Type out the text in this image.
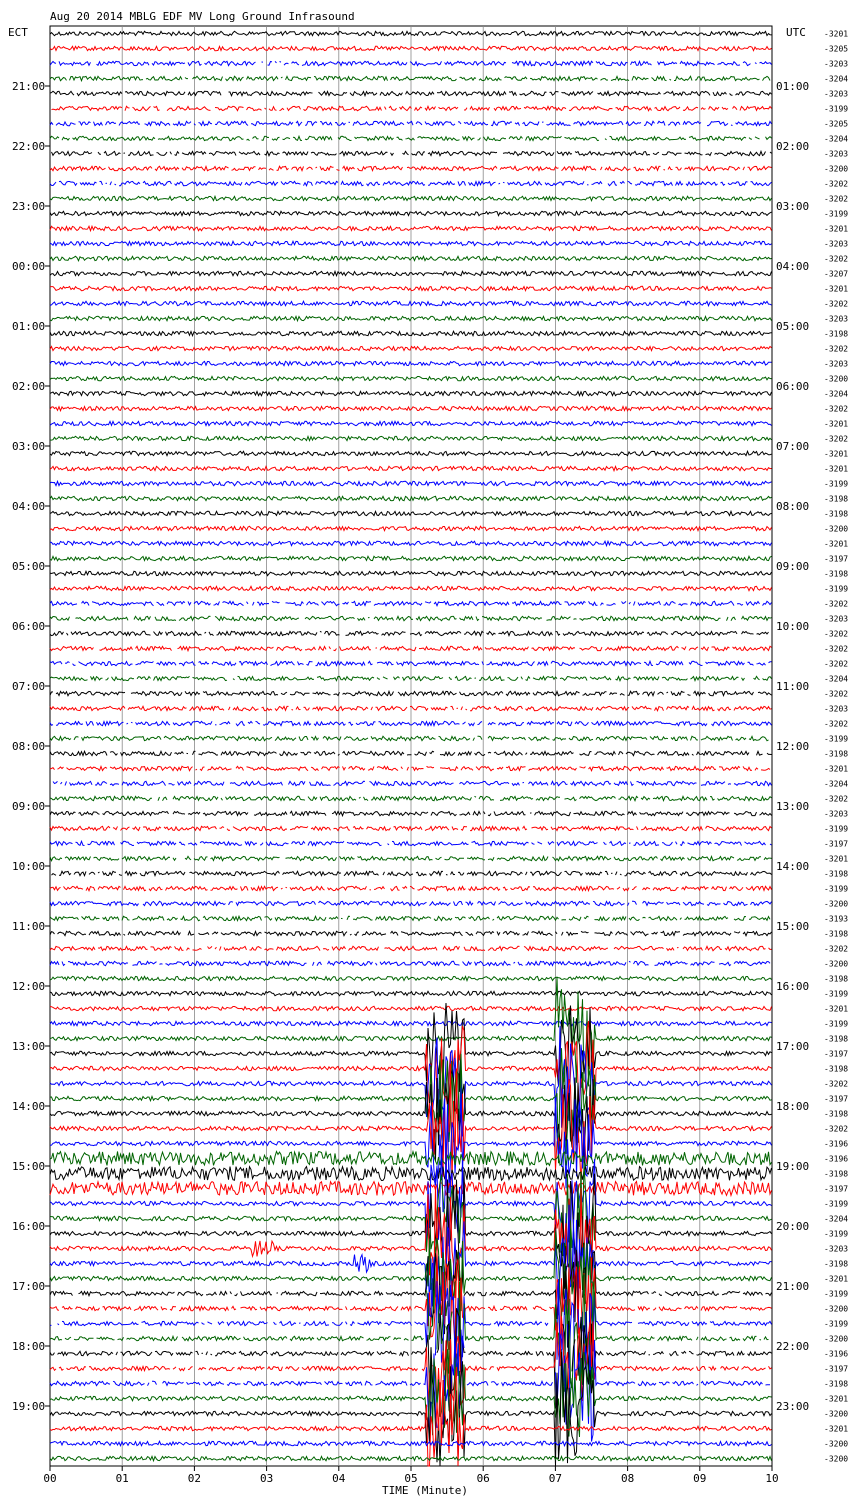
Aug 20 2014 MBLG EDF MV Long Ground Infrasound
ECT	UTC -3201
-3205
-3203
-3204
-3203
-3199
-3205
-3204
-3203
-3200
-3202
-3202
-3199
-3201
-3203
-3202
-3207
-3201
-3202
-3203
-3198
-3202
-3203
-3200
-3204
-3202
-3201
-3202
-3201
-3201
-3199
-3198
-3198
-3200
-3201
-3197
-3198
-3199
-3202
-3203
-3202
-3202
-3202
-3204
-3202
-3203
-3202
-3199
-3198
-3201
-3204
-3202
-3203
-3199
-3197
-3201
-3198
-3199
-3200
-3193
-3198
-3202
-3200
-3198
-3199
-3201
-3199
-3198
-3197
-3198
-3202
-3197
-3198
-3202
-3196
-3196
-3198
-3197
-3199
-3204
-3199
-3203
-3198
-3201
-3199
-3200
-3199
-3200
-3196
-3197
-3198
-3201
-3200
-3201
-3200
-3200
21:00
22:00
23:00
00:00
01:00
02:00
03:00
04:00
05:00
06:00
07:00
08:00
09:00
10:00
11:00
12:00
13:00
14:00
15:00
16:00
17:00
18:00
19:00
01:00
02:00
03:00
04:00
05:00
06:00
07:00
08:00
09:00
10:00
11:00
12:00
13:00
14:00
15:00
16:00
17:00
18:00
19:00
20:00
21:00
22:00
23:00
00	01	02	03	04	05	06	07	08	09	10
TIME (Minute)
